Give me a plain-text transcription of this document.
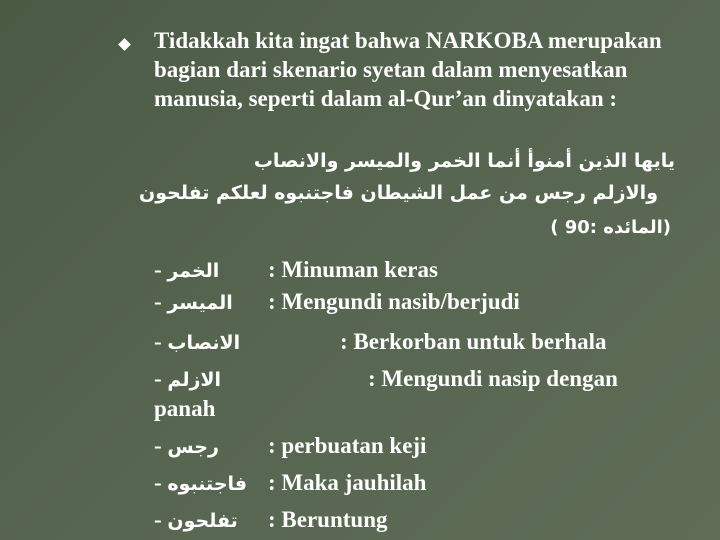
Tidakkah kita ingat bahwa NARKOBA merupakan bagian dari skenario syetan dalam menyesatkan manusia, seperti dalam al-Qur’an dinyatakan :

يايها الذين أمنوأ أنما الخمر والميسر والانصاب
والازلم رجس من عمل الشيطان فاجتنبوه لعلكم تفلحون
(المائده :90 )
- الخمر : Minuman keras
- الميسر : Mengundi nasib/berjudi
- الانصاب	: Berkorban untuk berhala
- الازلم	: Mengundi nasip dengan
panah
- رجس : perbuatan keji
- فاجتنبوه : Maka jauhilah
- تفلحون : Beruntung
